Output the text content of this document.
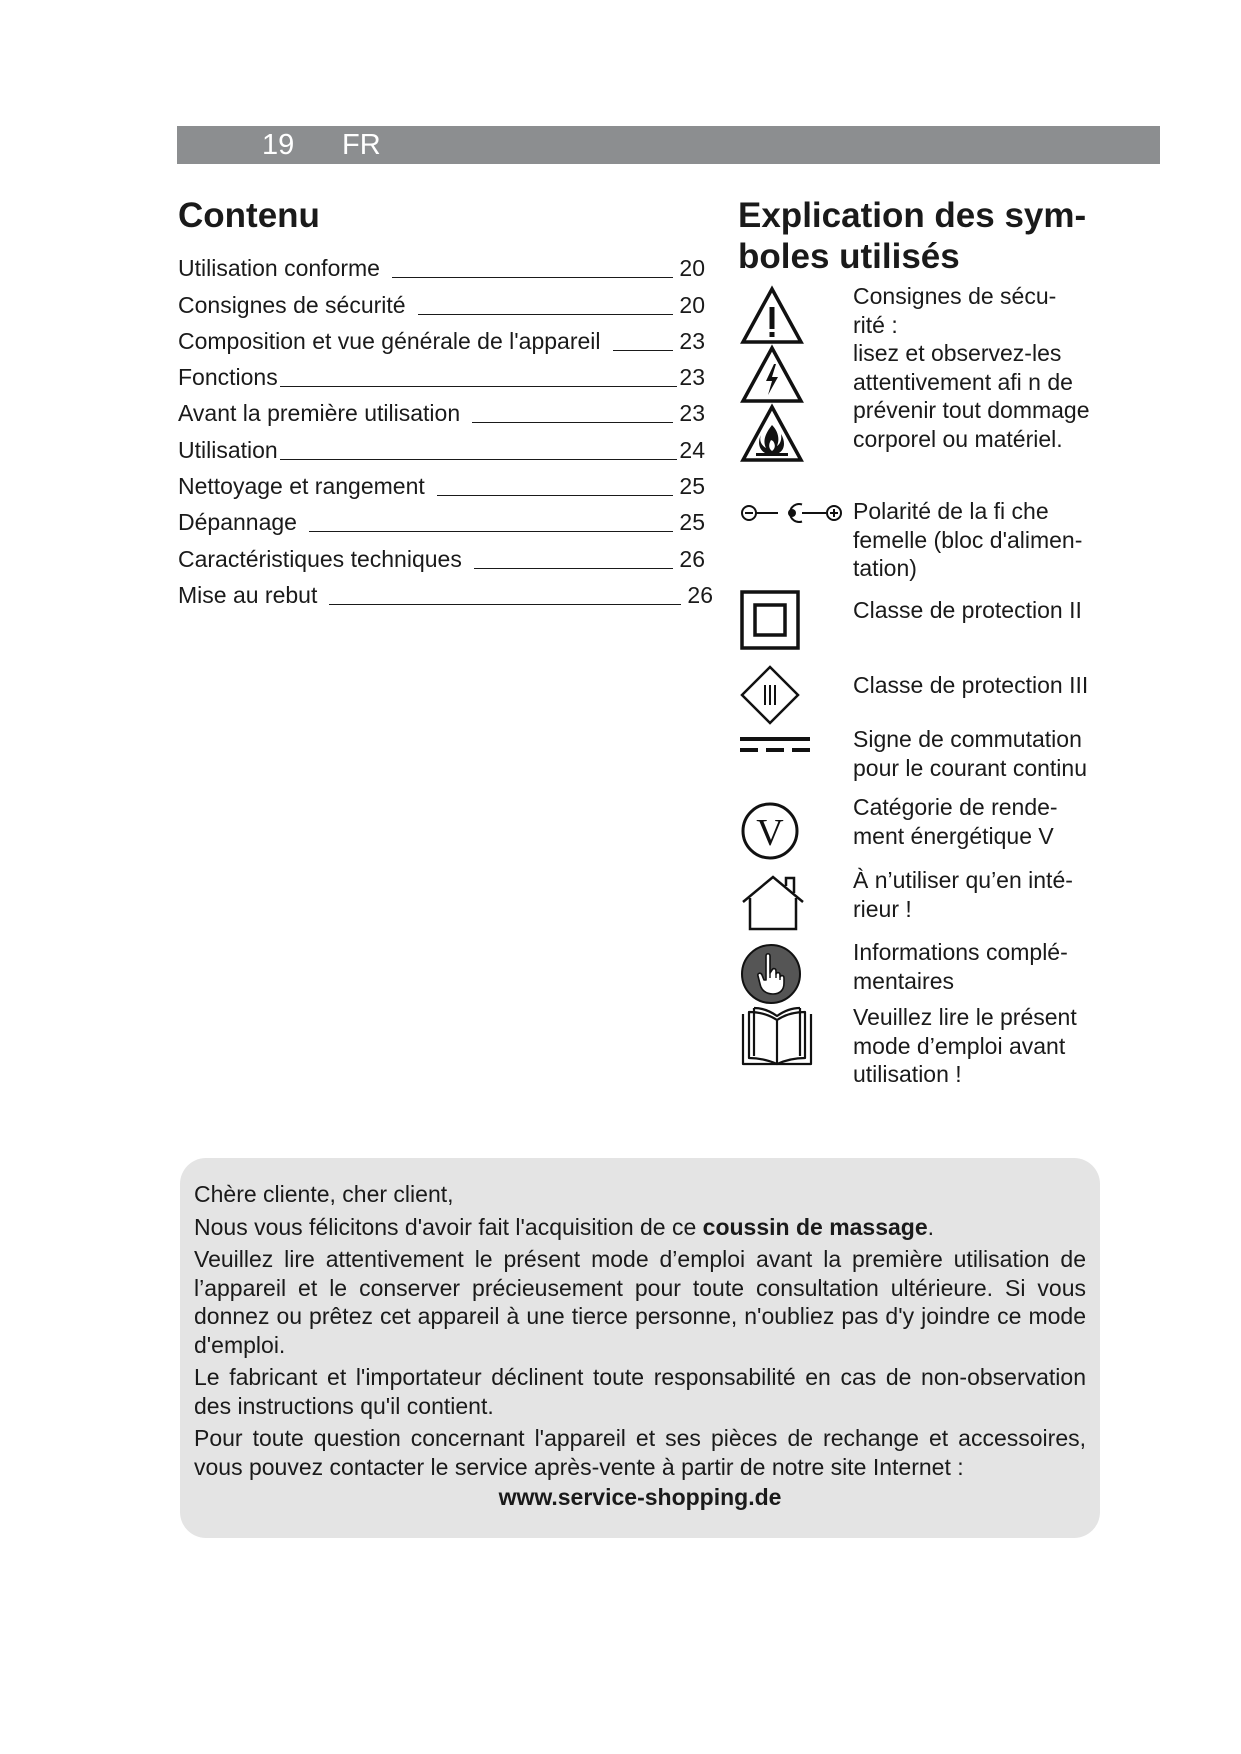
19 FR
Contenu
Utilisation conforme	20
Consignes de sécurité	20
Composition et vue générale de l'appareil	23
Fonctions	23
Avant la première utilisation	23
Utilisation	24
Nettoyage et rangement	25
Dépannage	25
Caractéristiques techniques	26
Mise au rebut	26
Explication des sym-
boles utilisés
Consignes de sécu-
rité :
lisez et observez-les
attentivement afi n de
prévenir tout dommage
corporel ou matériel.
Polarité de la fi che
femelle (bloc d'alimen-
tation)
Classe de protection II
Classe de protection III
Signe de commutation
pour le courant continu
V
Catégorie de rende-
ment énergétique V
À n’utiliser qu’en inté-
rieur !
Informations complé-
mentaires
Veuillez lire le présent
mode d’emploi avant
utilisation !

Chère cliente, cher client,

Nous vous félicitons d'avoir fait l'acquisition de ce coussin de massage.

Veuillez lire attentivement le présent mode d’emploi avant la première utilisation de l’appareil et le conserver précieusement pour toute consultation ultérieure. Si vous donnez ou prêtez cet appareil à une tierce personne, n'oubliez pas d'y joindre ce mode d'emploi.

Le fabricant et l'importateur déclinent toute responsabilité en cas de non-observation des instructions qu'il contient.

Pour toute question concernant l'appareil et ses pièces de rechange et accessoires, vous pouvez contacter le service après-vente à partir de notre site Internet :

www.service-shopping.de
